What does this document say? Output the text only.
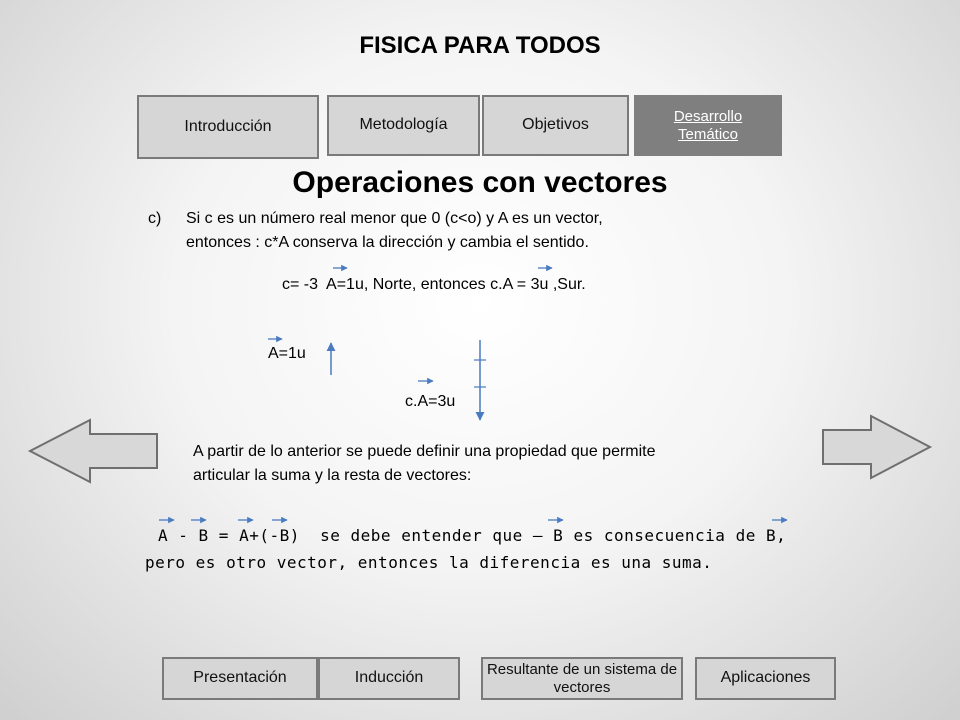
FISICA PARA TODOS
Introducción	Metodología	Objetivos	Desarrollo
Temático
Operaciones con vectores
c) Si c es un número real menor que 0 (c<o) y A es un vector,
entonces : c*A conserva la dirección y cambia el sentido.
c= -3  A=1u, Norte, entonces c.A = 3u ,Sur.
A=1u
c.A=3u
A partir de lo anterior se puede definir una propiedad que permite
articular la suma y la resta de vectores:
A - B = A+(-B)  se debe entender que – B es consecuencia de B,
pero es otro vector, entonces la diferencia es una suma.
Presentación	Inducción	Resultante de un sistema de vectores
Aplicaciones
